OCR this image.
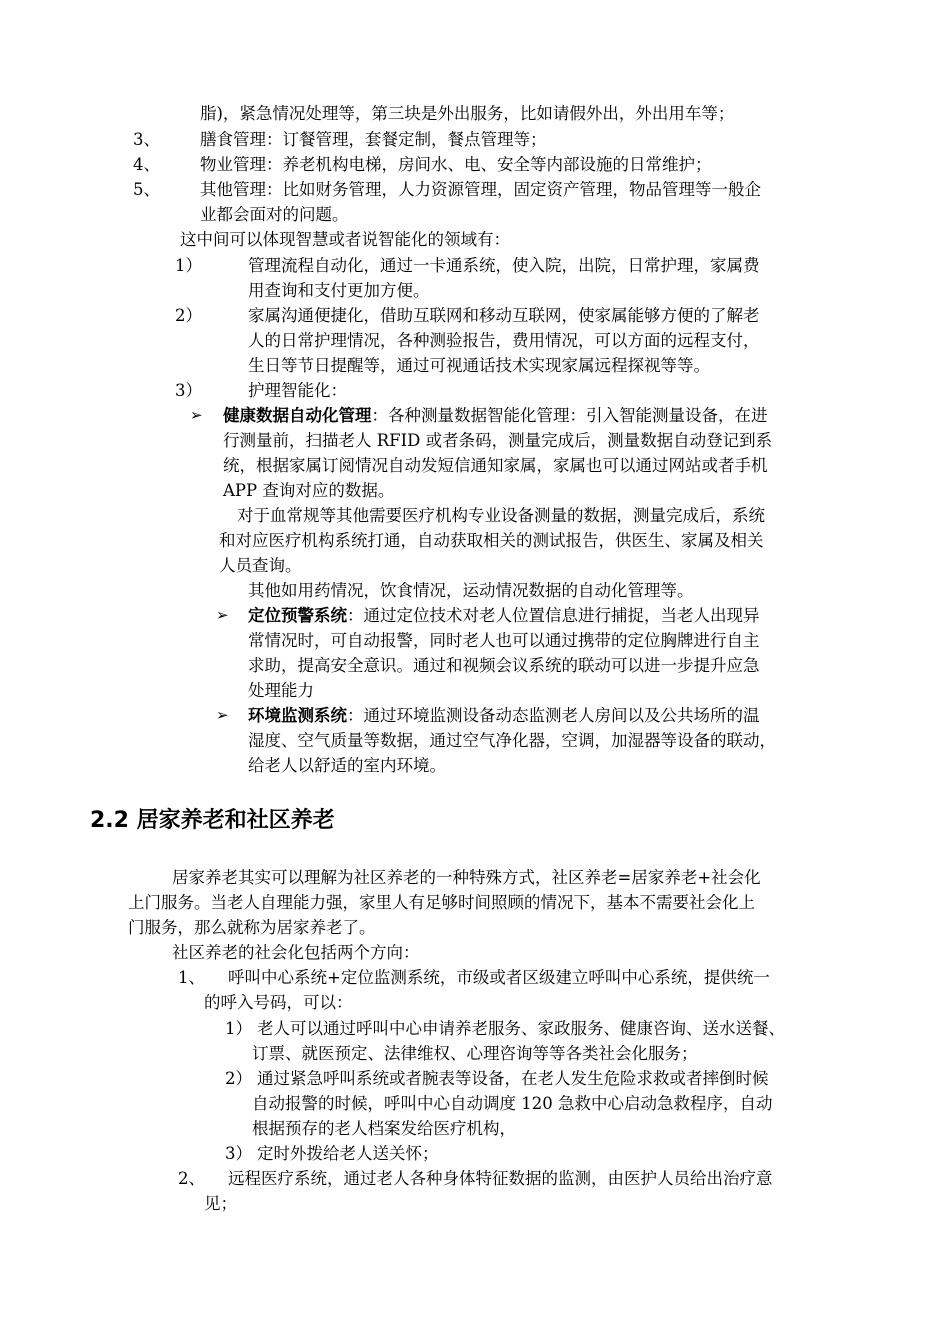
脂)，紧急情况处理等，第三块是外出服务，比如请假外出，外出用车等；
3、 膳食管理：订餐管理，套餐定制，餐点管理等；
4、 物业管理：养老机构电梯，房间水、电、安全等内部设施的日常维护；
5、 其他管理：比如财务管理，人力资源管理，固定资产管理，物品管理等一般企
业都会面对的问题。
这中间可以体现智慧或者说智能化的领域有：
1）	管理流程自动化，通过一卡通系统，使入院，出院，日常护理，家属费
用查询和支付更加方便。
2）	家属沟通便捷化，借助互联网和移动互联网，使家属能够方便的了解老
人的日常护理情况，各种测验报告，费用情况，可以方面的远程支付，
生日等节日提醒等，通过可视通话技术实现家属远程探视等等。
3）	护理智能化：
➢ 健康数据自动化管理：各种测量数据智能化管理：引入智能测量设备，在进
行测量前，扫描老人 RFID 或者条码，测量完成后，测量数据自动登记到系
统，根据家属订阅情况自动发短信通知家属，家属也可以通过网站或者手机
APP 查询对应的数据。
对于血常规等其他需要医疗机构专业设备测量的数据，测量完成后，系统
和对应医疗机构系统打通，自动获取相关的测试报告，供医生、家属及相关
人员查询。
其他如用药情况，饮食情况，运动情况数据的自动化管理等。
➢ 定位预警系统：通过定位技术对老人位置信息进行捕捉，当老人出现异
常情况时，可自动报警，同时老人也可以通过携带的定位胸牌进行自主
求助，提高安全意识。通过和视频会议系统的联动可以进一步提升应急
处理能力
➢ 环境监测系统：通过环境监测设备动态监测老人房间以及公共场所的温
湿度、空气质量等数据，通过空气净化器，空调，加湿器等设备的联动，
给老人以舒适的室内环境。
2.2 居家养老和社区养老
居家养老其实可以理解为社区养老的一种特殊方式，社区养老=居家养老+社会化
上门服务。当老人自理能力强，家里人有足够时间照顾的情况下，基本不需要社会化上
门服务，那么就称为居家养老了。
社区养老的社会化包括两个方向：
1、 呼叫中心系统+定位监测系统，市级或者区级建立呼叫中心系统，提供统一
的呼入号码，可以：
1） 老人可以通过呼叫中心申请养老服务、家政服务、健康咨询、送水送餐、
订票、就医预定、法律维权、心理咨询等等各类社会化服务；
2） 通过紧急呼叫系统或者腕表等设备，在老人发生危险求救或者摔倒时候
自动报警的时候，呼叫中心自动调度 120 急救中心启动急救程序，自动
根据预存的老人档案发给医疗机构，
3） 定时外拨给老人送关怀；
2、 远程医疗系统，通过老人各种身体特征数据的监测，由医护人员给出治疗意
见；
